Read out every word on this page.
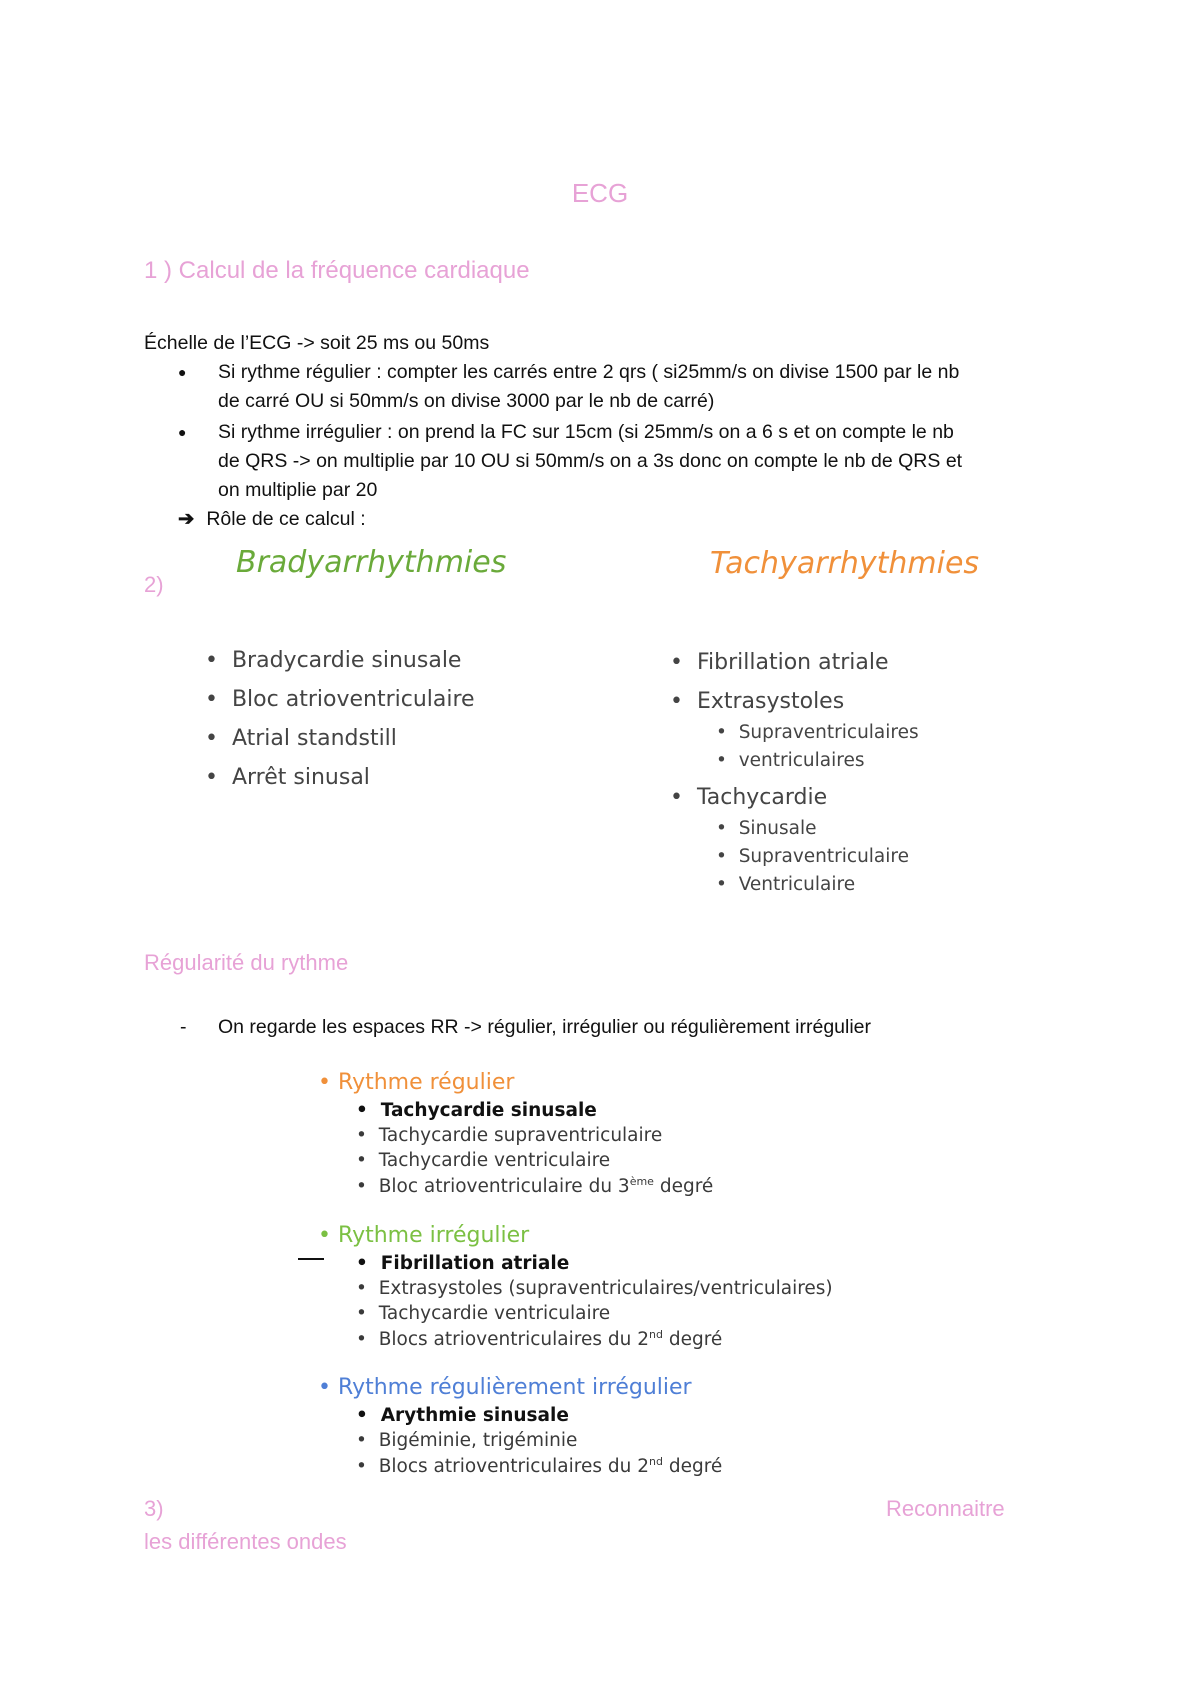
ECG
1 ) Calcul de la fréquence cardiaque
Échelle de l’ECG -> soit 25 ms ou 50ms
● Si rythme régulier : compter les carrés entre 2 qrs ( si25mm/s on divise 1500 par le nb
de carré OU si 50mm/s on divise 3000 par le nb de carré)
● Si rythme irrégulier : on prend la FC sur 15cm (si 25mm/s on a 6 s et on compte le nb
de QRS -> on multiplie par 10 OU si 50mm/s on a 3s donc on compte le nb de QRS et
on multiplie par 20
➔ Rôle de ce calcul :
2)
Bradyarrhythmies	Tachyarrhythmies
•  Bradycardie sinusale
•  Bloc atrioventriculaire
•  Atrial standstill
•  Arrêt sinusal
•  Fibrillation atriale
•  Extrasystoles
•  Supraventriculaires
•  ventriculaires
•  Tachycardie
•  Sinusale
•  Supraventriculaire
•  Ventriculaire
Régularité du rythme
- On regarde les espaces RR -> régulier, irrégulier ou régulièrement irrégulier
• Rythme régulier
•  Tachycardie sinusale
•  Tachycardie supraventriculaire
•  Tachycardie ventriculaire
•  Bloc atrioventriculaire du 3ème degré
• Rythme irrégulier
•  Fibrillation atriale
•  Extrasystoles (supraventriculaires/ventriculaires)
•  Tachycardie ventriculaire
•  Blocs atrioventriculaires du 2nd degré
• Rythme régulièrement irrégulier
•  Arythmie sinusale
•  Bigéminie, trigéminie
•  Blocs atrioventriculaires du 2nd degré
3)	Reconnaitre
les différentes ondes
